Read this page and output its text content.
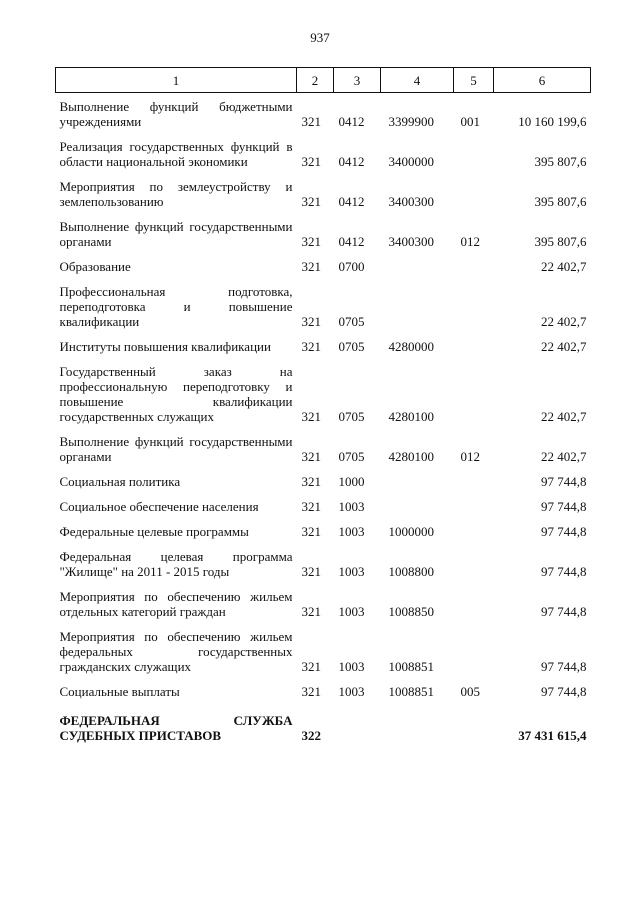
937
1	2	3	4	5	6
Выполнение функций бюджетными учреждениями	321	0412	3399900	001	10 160 199,6
Реализация государственных функций в области национальной экономики	321	0412	3400000		395 807,6
Мероприятия по землеустройству и землепользованию	321	0412	3400300		395 807,6
Выполнение функций государственными органами	321	0412	3400300	012	395 807,6
Образование	321	0700			22 402,7
Профессиональная подготовка, переподготовка и повышение квалификации	321	0705			22 402,7
Институты повышения квалификации	321	0705	4280000		22 402,7
Государственный заказ на профессиональную переподготовку и повышение квалификации государственных служащих	321	0705	4280100		22 402,7
Выполнение функций государственными органами	321	0705	4280100	012	22 402,7
Социальная политика	321	1000			97 744,8
Социальное обеспечение населения	321	1003			97 744,8
Федеральные целевые программы	321	1003	1000000		97 744,8
Федеральная целевая программа "Жилище" на 2011 - 2015 годы	321	1003	1008800		97 744,8
Мероприятия по обеспечению жильем отдельных категорий граждан	321	1003	1008850		97 744,8
Мероприятия по обеспечению жильем федеральных государственных гражданских служащих	321	1003	1008851		97 744,8
Социальные выплаты	321	1003	1008851	005	97 744,8
ФЕДЕРАЛЬНАЯ СЛУЖБА СУДЕБНЫХ ПРИСТАВОВ	322				37 431 615,4
